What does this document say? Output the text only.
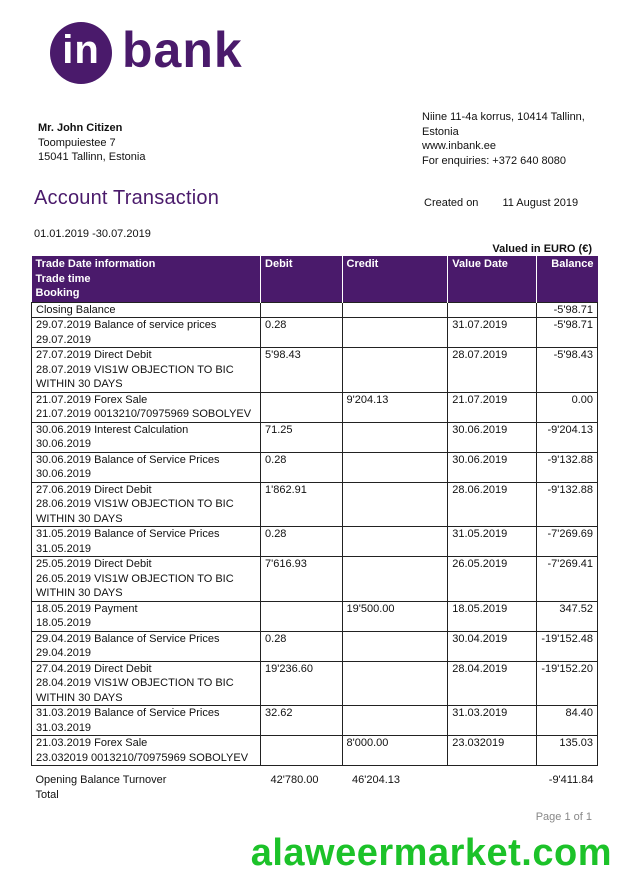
in bank
Mr. John Citizen
Toompuiestee 7
15041 Tallinn, Estonia
Niine 11-4a korrus, 10414 Tallinn,
Estonia
www.inbank.ee
For enquiries: +372 640 8080
Account Transaction	Created on 11 August 2019
01.01.2019 -30.07.2019
Valued in EURO (€)
Trade Date information
Trade time
Booking	Debit	Credit	Value Date	Balance

Closing Balance				-5'98.71

29.07.2019 Balance of service prices
29.07.2019	0.28		31.07.2019	-5'98.71

27.07.2019 Direct Debit
28.07.2019 VIS1W OBJECTION TO BIC
WITHIN 30 DAYS	5'98.43		28.07.2019	-5'98.43

21.07.2019 Forex Sale
21.07.2019 0013210/70975969 SOBOLYEV		9'204.13	21.07.2019	0.00

30.06.2019 Interest Calculation
30.06.2019	71.25		30.06.2019	-9'204.13

30.06.2019 Balance of Service Prices
30.06.2019	0.28		30.06.2019	-9'132.88

27.06.2019 Direct Debit
28.06.2019 VIS1W OBJECTION TO BIC
WITHIN 30 DAYS	1'862.91		28.06.2019	-9'132.88

31.05.2019 Balance of Service Prices
31.05.2019	0.28		31.05.2019	-7'269.69

25.05.2019 Direct Debit
26.05.2019 VIS1W OBJECTION TO BIC
WITHIN 30 DAYS	7'616.93		26.05.2019	-7'269.41

18.05.2019 Payment
18.05.2019		19'500.00	18.05.2019	347.52

29.04.2019 Balance of Service Prices
29.04.2019	0.28		30.04.2019	-19'152.48

27.04.2019 Direct Debit
28.04.2019 VIS1W OBJECTION TO BIC
WITHIN 30 DAYS	19'236.60		28.04.2019	-19'152.20

31.03.2019 Balance of Service Prices
31.03.2019	32.62		31.03.2019	84.40

21.03.2019 Forex Sale
23.032019 0013210/70975969 SOBOLYEV		8'000.00	23.032019	135.03

Opening Balance Turnover
Total	42'780.00	46'204.13		-9'411.84
Page 1 of 1
alaweermarket.com
